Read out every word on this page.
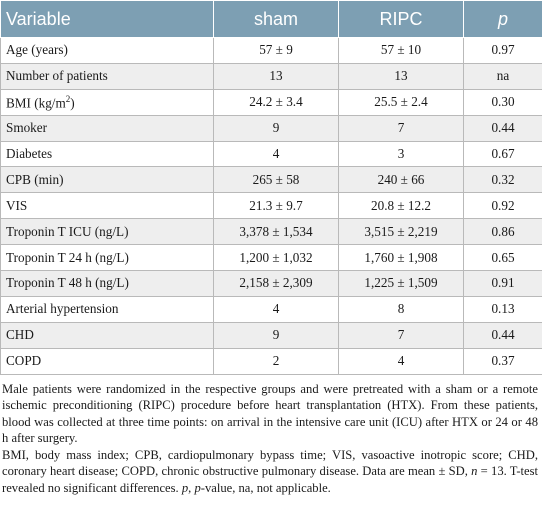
Variable	sham	RIPC	p
Age (years)	57 ± 9	57 ± 10	0.97
Number of patients	13	13	na
BMI $(kg/m^2)$	24.2 ± 3.4	25.5 ± 2.4	0.30
Smoker	9	7	0.44
Diabetes	4	3	0.67
CPB (min)	265 ± 58	240 ± 66	0.32
VIS	21.3 ± 9.7	20.8 ± 12.2	0.92
Troponin T ICU (ng/L)	3,378 ± 1,534	3,515 ± 2,219	0.86
Troponin T 24 h (ng/L)	1,200 ± 1,032	1,760 ± 1,908	0.65
Troponin T 48 h (ng/L)	2,158 ± 2,309	1,225 ± 1,509	0.91
Arterial hypertension	4	8	0.13
CHD	9	7	0.44
COPD	2	4	0.37

Male patients were randomized in the respective groups and were pretreated with a sham or a remote ischemic preconditioning (RIPC) procedure before heart transplantation (HTX). From these patients, blood was collected at three time points: on arrival in the intensive care unit (ICU) after HTX or 24 or 48 h after surgery.

BMI, body mass index; CPB, cardiopulmonary bypass time; VIS, vasoactive inotropic score; CHD, coronary heart disease; COPD, chronic obstructive pulmonary disease. Data are mean ± SD, n = 13. T-test revealed no significant differences. p, p-value, na, not applicable.
